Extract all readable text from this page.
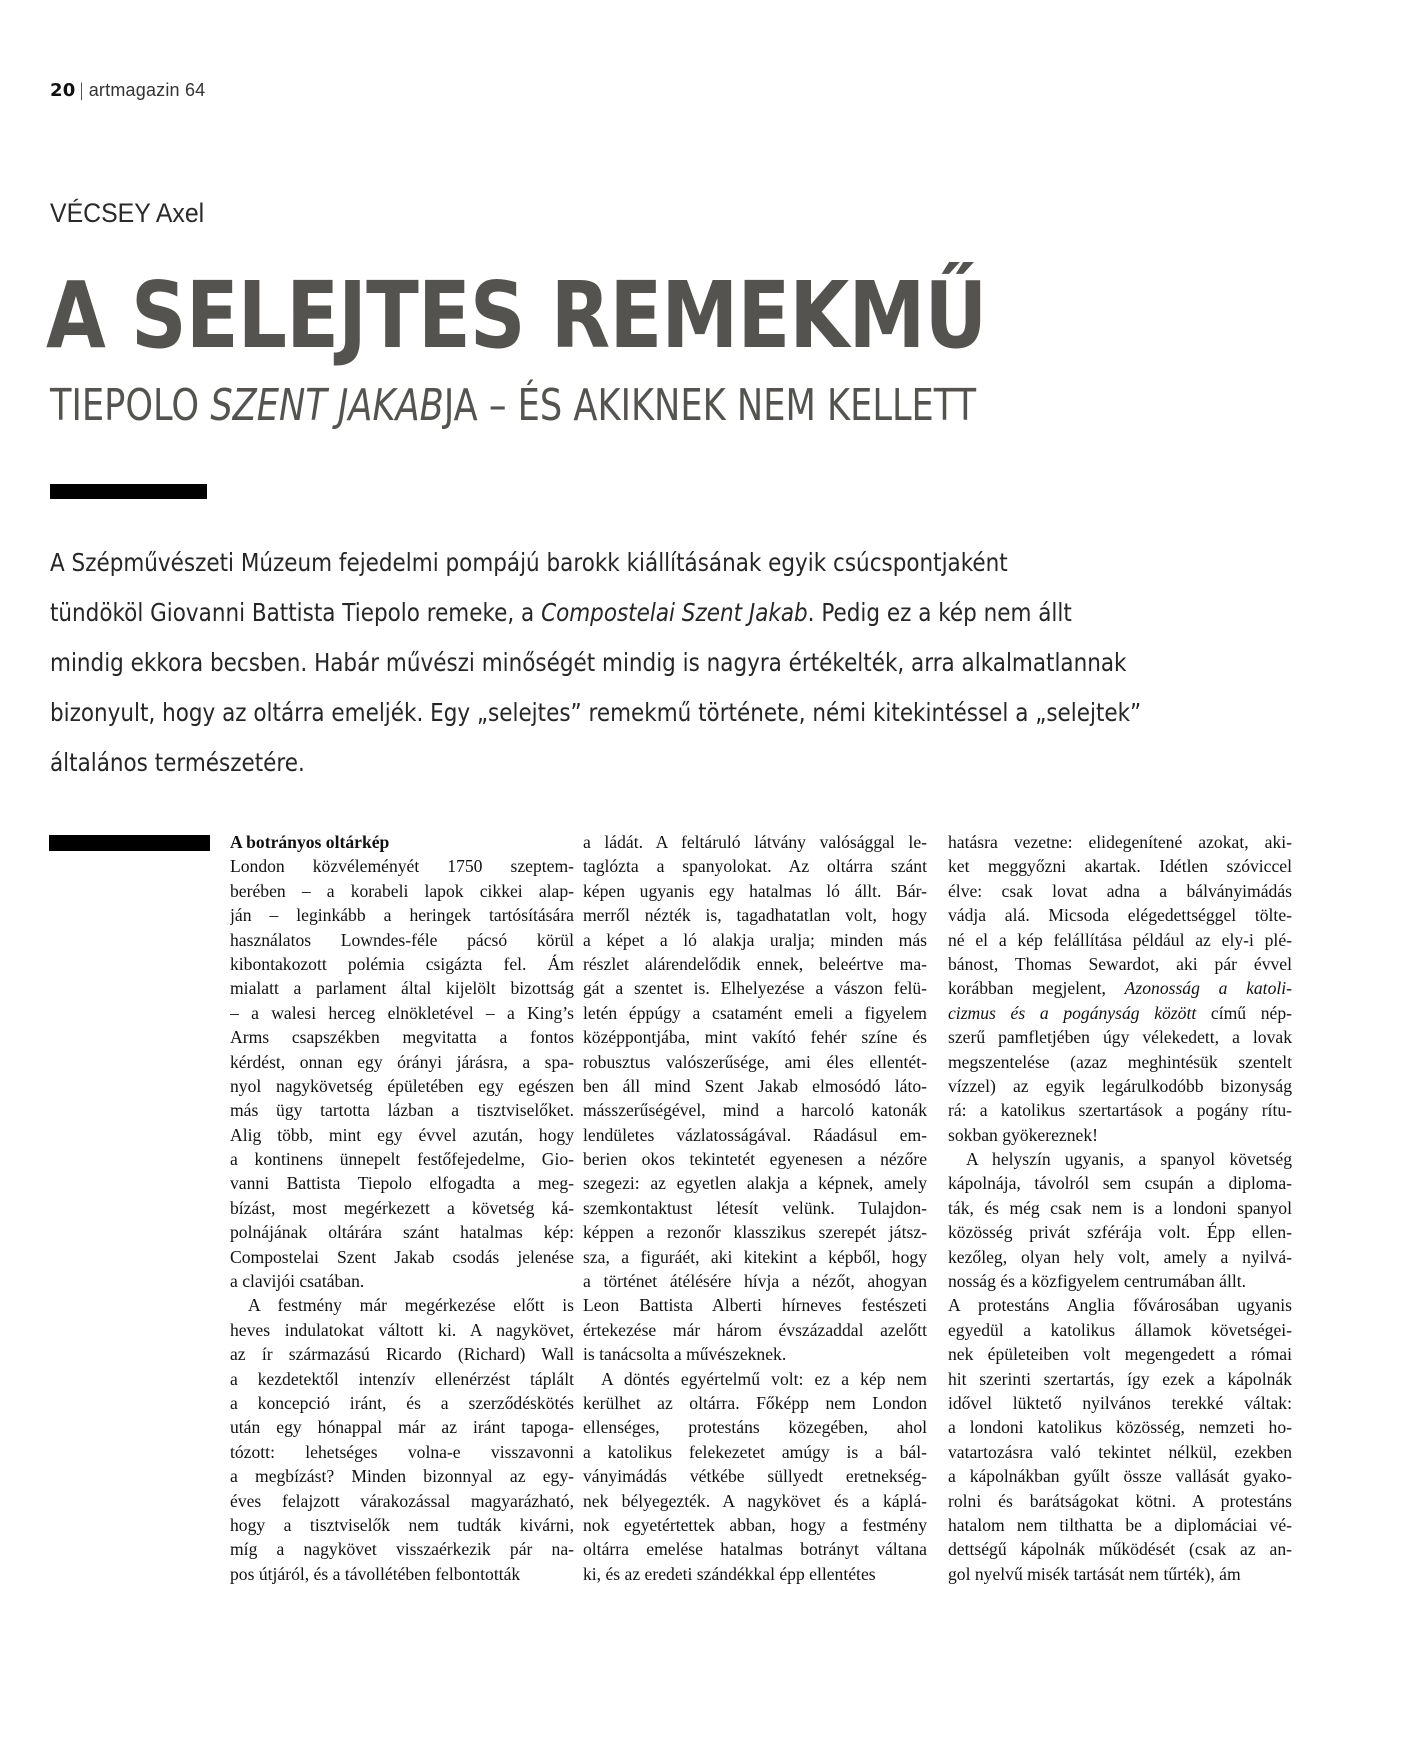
20 | artmagazin 64
VÉCSEY Axel
A SELEJTES REMEKMŰ
TIEPOLO SZENT JAKABJA – ÉS AKIKNEK NEM KELLETT
A Szépművészeti Múzeum fejedelmi pompájú barokk kiállításának egyik csúcspontjaként
tündököl Giovanni Battista Tiepolo remeke, a Compostelai Szent Jakab. Pedig ez a kép nem állt
mindig ekkora becsben. Habár művészi minőségét mindig is nagyra értékelték, arra alkalmatlannak
bizonyult, hogy az oltárra emeljék. Egy „selejtes” remekmű története, némi kitekintéssel a „selejtek”
általános természetére.
A botrányos oltárkép
London közvéleményét 1750 szeptem-
berében – a korabeli lapok cikkei alap-
ján – leginkább a heringek tartósítására
használatos Lowndes-féle pácsó körül
kibontakozott polémia csigázta fel. Ám
mialatt a parlament által kijelölt bizottság
– a walesi herceg elnökletével – a King’s
Arms csapszékben megvitatta a fontos
kérdést, onnan egy órányi járásra, a spa-
nyol nagykövetség épületében egy egészen
más ügy tartotta lázban a tisztviselőket.
Alig több, mint egy évvel azután, hogy
a kontinens ünnepelt festőfejedelme, Gio-
vanni Battista Tiepolo elfogadta a meg-
bízást, most megérkezett a követség ká-
polnájának oltárára szánt hatalmas kép:
Compostelai Szent Jakab csodás jelenése
a clavijói csatában.
A festmény már megérkezése előtt is
heves indulatokat váltott ki. A nagykövet,
az ír származású Ricardo (Richard) Wall
a kezdetektől intenzív ellenérzést táplált
a koncepció iránt, és a szerződéskötés
után egy hónappal már az iránt tapoga-
tózott: lehetséges volna-e visszavonni
a megbízást? Minden bizonnyal az egy-
éves felajzott várakozással magyarázható,
hogy a tisztviselők nem tudták kivárni,
míg a nagykövet visszaérkezik pár na-
pos útjáról, és a távollétében felbontották
a ládát. A feltáruló látvány valósággal le-
taglózta a spanyolokat. Az oltárra szánt
képen ugyanis egy hatalmas ló állt. Bár-
merről nézték is, tagadhatatlan volt, hogy
a képet a ló alakja uralja; minden más
részlet alárendelődik ennek, beleértve ma-
gát a szentet is. Elhelyezése a vászon felü-
letén éppúgy a csatamént emeli a figyelem
középpontjába, mint vakító fehér színe és
robusztus valószerűsége, ami éles ellentét-
ben áll mind Szent Jakab elmosódó láto-
másszerűségével, mind a harcoló katonák
lendületes vázlatosságával. Ráadásul em-
berien okos tekintetét egyenesen a nézőre
szegezi: az egyetlen alakja a képnek, amely
szemkontaktust létesít velünk. Tulajdon-
képpen a rezonőr klasszikus szerepét játsz-
sza, a figuráét, aki kitekint a képből, hogy
a történet átélésére hívja a nézőt, ahogyan
Leon Battista Alberti hírneves festészeti
értekezése már három évszázaddal azelőtt
is tanácsolta a művészeknek.
A döntés egyértelmű volt: ez a kép nem
kerülhet az oltárra. Főképp nem London
ellenséges, protestáns közegében, ahol
a katolikus felekezetet amúgy is a bál-
ványimádás vétkébe süllyedt eretnekség-
nek bélyegezték. A nagykövet és a káplá-
nok egyetértettek abban, hogy a festmény
oltárra emelése hatalmas botrányt váltana
ki, és az eredeti szándékkal épp ellentétes
hatásra vezetne: elidegenítené azokat, aki-
ket meggyőzni akartak. Idétlen szóviccel
élve: csak lovat adna a bálványimádás
vádja alá. Micsoda elégedettséggel tölte-
né el a kép felállítása például az ely-i plé-
bánost, Thomas Sewardot, aki pár évvel
korábban megjelent, Azonosság a katoli-
cizmus és a pogányság között című nép-
szerű pamfletjében úgy vélekedett, a lovak
megszentelése (azaz meghintésük szentelt
vízzel) az egyik legárulkodóbb bizonyság
rá: a katolikus szertartások a pogány rítu-
sokban gyökereznek!
A helyszín ugyanis, a spanyol követség
kápolnája, távolról sem csupán a diploma-
ták, és még csak nem is a londoni spanyol
közösség privát szférája volt. Épp ellen-
kezőleg, olyan hely volt, amely a nyilvá-
nosság és a közfigyelem centrumában állt.
A protestáns Anglia fővárosában ugyanis
egyedül a katolikus államok követségei-
nek épületeiben volt megengedett a római
hit szerinti szertartás, így ezek a kápolnák
idővel lüktető nyilvános terekké váltak:
a londoni katolikus közösség, nemzeti ho-
vatartozásra való tekintet nélkül, ezekben
a kápolnákban gyűlt össze vallását gyako-
rolni és barátságokat kötni. A protestáns
hatalom nem tilthatta be a diplomáciai vé-
dettségű kápolnák működését (csak az an-
gol nyelvű misék tartását nem tűrték), ám
